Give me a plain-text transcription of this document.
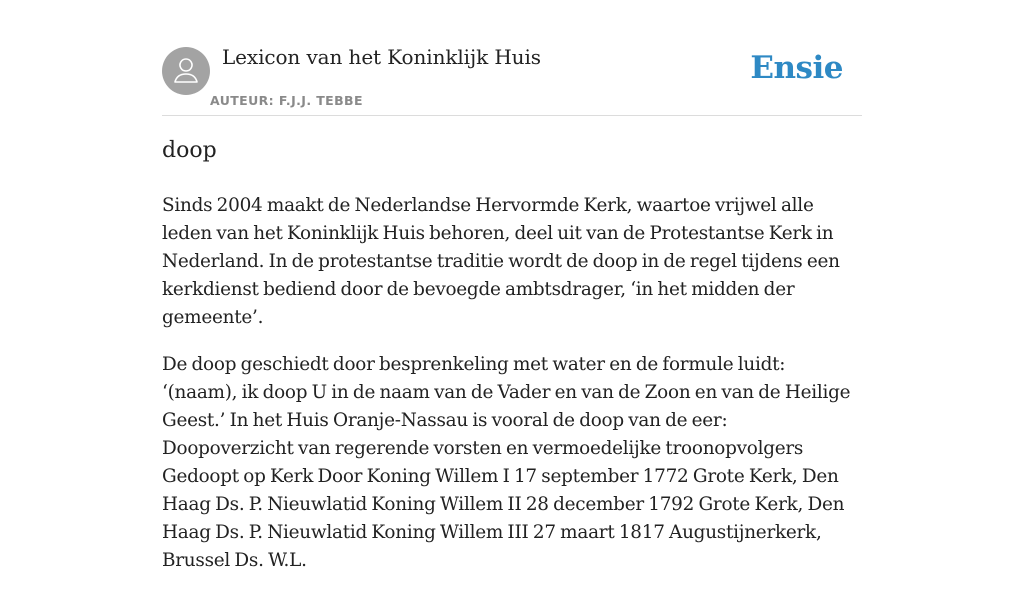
Lexicon van het Koninklijk Huis
AUTEUR: F.J.J. TEBBE
Ensie
doop

Sinds 2004 maakt de Nederlandse Hervormde Kerk, waartoe vrijwel alle leden van het Koninklijk Huis behoren, deel uit van de Protestantse Kerk in Nederland. In de protestantse traditie wordt de doop in de regel tijdens een kerkdienst bediend door de bevoegde ambtsdrager, ‘in het midden der gemeente’.

De doop geschiedt door besprenkeling met water en de formule luidt: ‘(naam), ik doop U in de naam van de Vader en van de Zoon en van de Heilige Geest.’ In het Huis Oranje-Nassau is vooral de doop van de eer: Doopoverzicht van regerende vorsten en vermoedelijke troonopvolgers Gedoopt op Kerk Door Koning Willem I 17 september 1772 Grote Kerk, Den Haag Ds. P. Nieuwlatid Koning Willem II 28 december 1792 Grote Kerk, Den Haag Ds. P. Nieuwlatid Koning Willem III 27 maart 1817 Augustijnerkerk, Brussel Ds. W.L.
